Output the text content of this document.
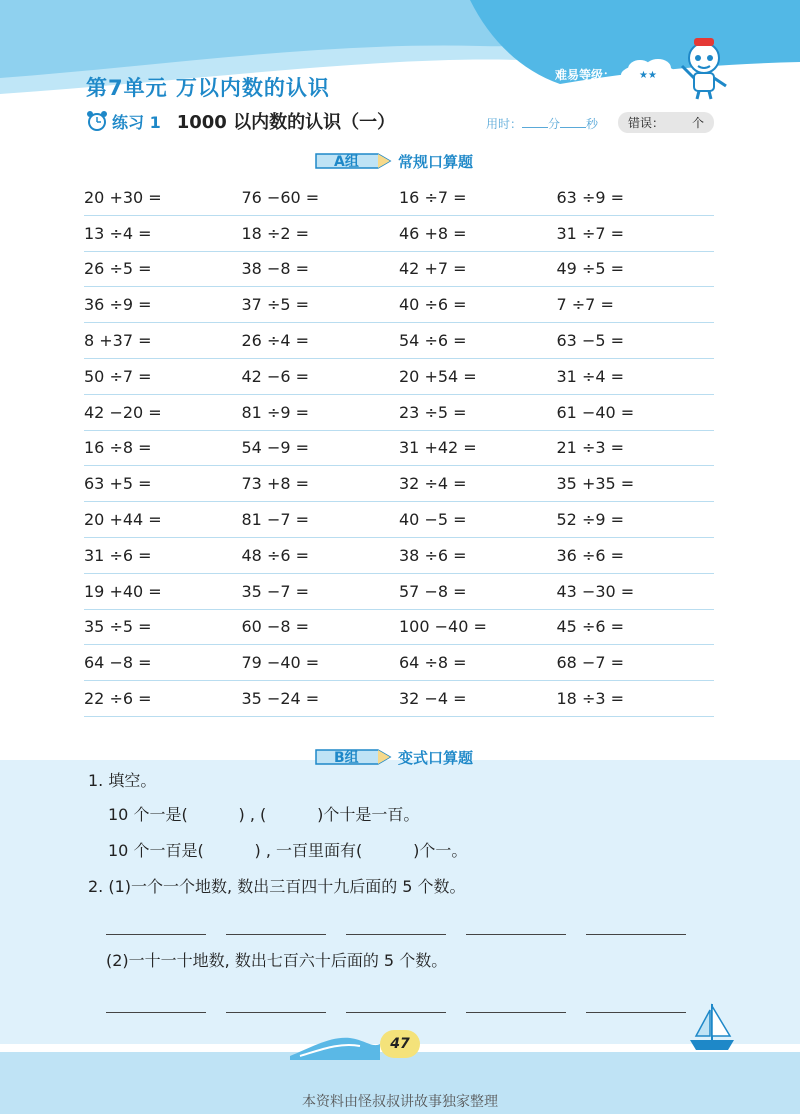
第7单元 万以内数的认识
难易等级： ★★
练习 1 1000 以内数的认识（一）	用时： 分 秒 错误： 个
A组	常规口算题
20 +30 =	76 −60 =	16 ÷7 =	63 ÷9 =
13 ÷4 =	18 ÷2 =	46 +8 =	31 ÷7 =
26 ÷5 =	38 −8 =	42 +7 =	49 ÷5 =
36 ÷9 =	37 ÷5 =	40 ÷6 =	7 ÷7 =
8 +37 =	26 ÷4 =	54 ÷6 =	63 −5 =
50 ÷7 =	42 −6 =	20 +54 =	31 ÷4 =
42 −20 =	81 ÷9 =	23 ÷5 =	61 −40 =
16 ÷8 =	54 −9 =	31 +42 =	21 ÷3 =
63 +5 =	73 +8 =	32 ÷4 =	35 +35 =
20 +44 =	81 −7 =	40 −5 =	52 ÷9 =
31 ÷6 =	48 ÷6 =	38 ÷6 =	36 ÷6 =
19 +40 =	35 −7 =	57 −8 =	43 −30 =
35 ÷5 =	60 −8 =	100 −40 =	45 ÷6 =
64 −8 =	79 −40 =	64 ÷8 =	68 −7 =
22 ÷6 =	35 −24 =	32 −4 =	18 ÷3 =
B组	变式口算题
1. 填空。
10 个一是(          ) , (          )个十是一百。
10 个一百是(          ) , 一百里面有(          )个一。
2. (1)一个一个地数, 数出三百四十九后面的 5 个数。
(2)一十一十地数, 数出七百六十后面的 5 个数。
47
本资料由怪叔叔讲故事独家整理
